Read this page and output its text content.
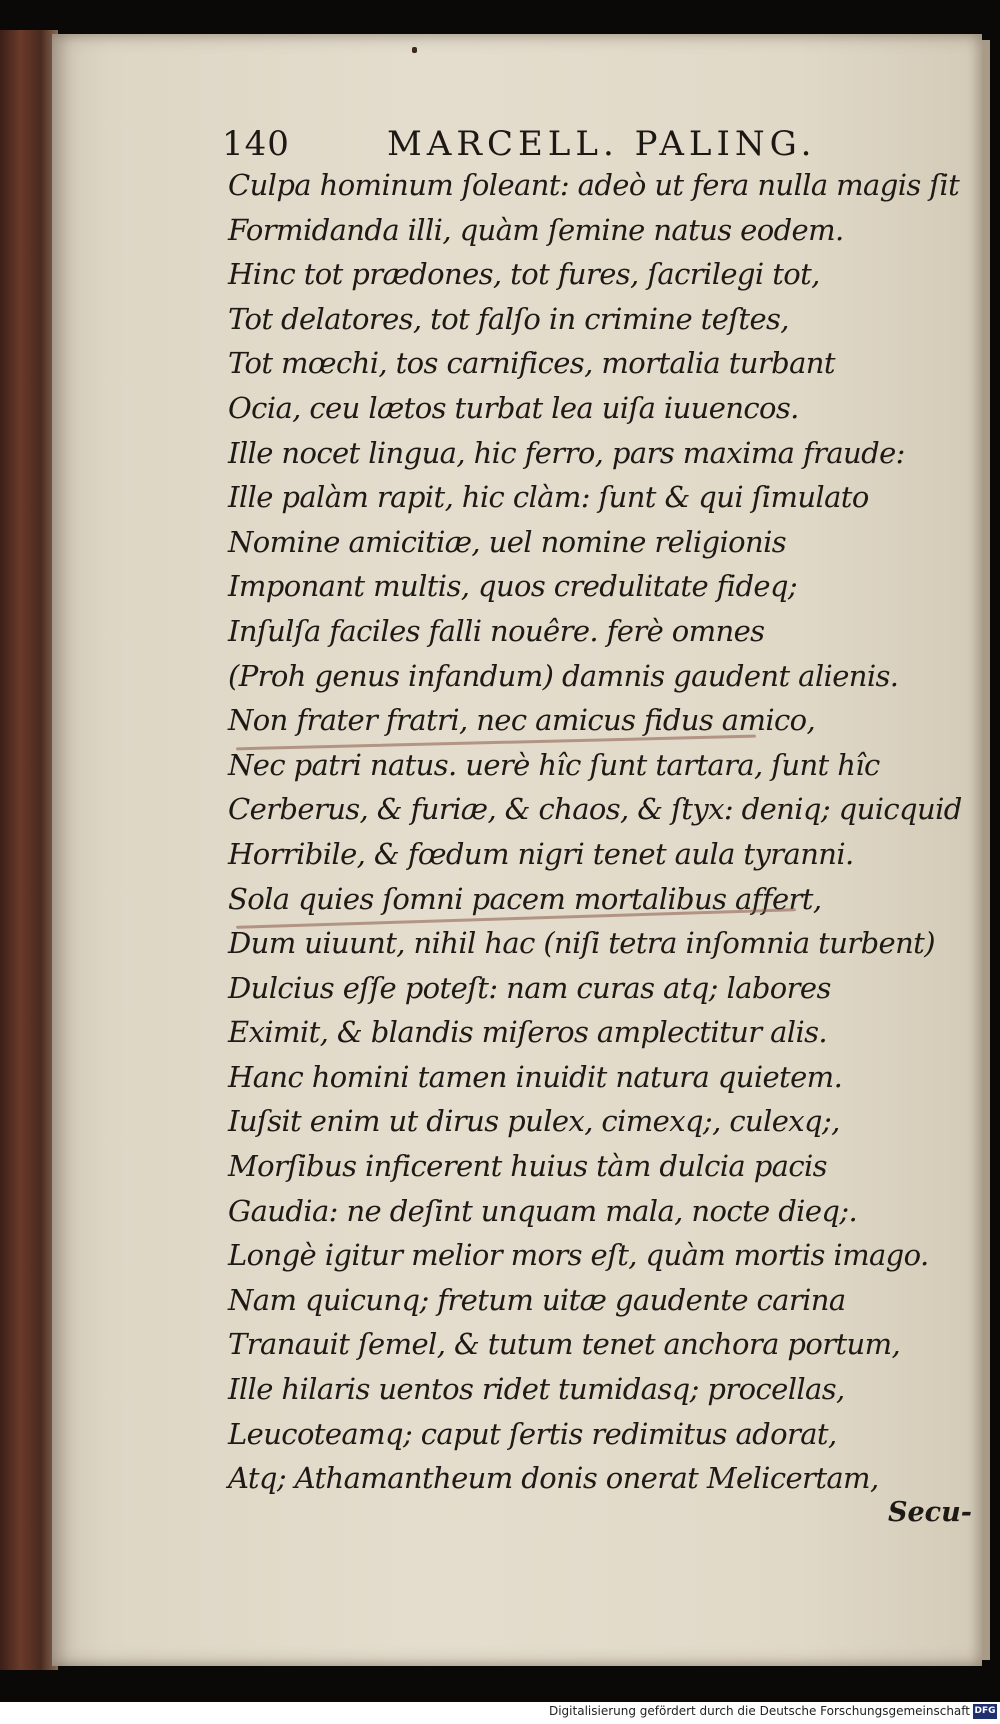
140	MARCELL. PALING.
Culpa hominum ſoleant: adeò ut fera nulla magis ſit
Formidanda illi, quàm ſemine natus eodem.
Hinc tot prædones, tot fures, ſacrilegi tot,
Tot delatores, tot falſo in crimine teſtes,
Tot mœchi, tos carnifices, mortalia turbant
Ocia, ceu lætos turbat lea uiſa iuuencos.
Ille nocet lingua, hic ferro, pars maxima fraude:
Ille palàm rapit, hic clàm: ſunt & qui ſimulato
Nomine amicitiæ, uel nomine religionis
Imponant multis, quos credulitate fideq;
Inſulſa faciles falli nouêre. ferè omnes
(Proh genus infandum) damnis gaudent alienis.
Non frater fratri, nec amicus fidus amico,
Nec patri natus. uerè hîc ſunt tartara, ſunt hîc
Cerberus, & furiæ, & chaos, & ſtyx: deniq; quicquid
Horribile, & fœdum nigri tenet aula tyranni.
Sola quies ſomni pacem mortalibus affert,
Dum uiuunt, nihil hac (niſi tetra inſomnia turbent)
Dulcius eſſe poteſt: nam curas atq; labores
Eximit, & blandis miſeros amplectitur alis.
Hanc homini tamen inuidit natura quietem.
Iuſsit enim ut dirus pulex, cimexq;, culexq;,
Morſibus inficerent huius tàm dulcia pacis
Gaudia: ne deſint unquam mala, nocte dieq;.
Longè igitur melior mors eſt, quàm mortis imago.
Nam quicunq; fretum uitæ gaudente carina
Tranauit ſemel, & tutum tenet anchora portum,
Ille hilaris uentos ridet tumidasq; procellas,
Leucoteamq; caput ſertis redimitus adorat,
Atq; Athamantheum donis onerat Melicertam,
Secu-
Digitalisierung gefördert durch die Deutsche Forschungsgemeinschaft DFG
